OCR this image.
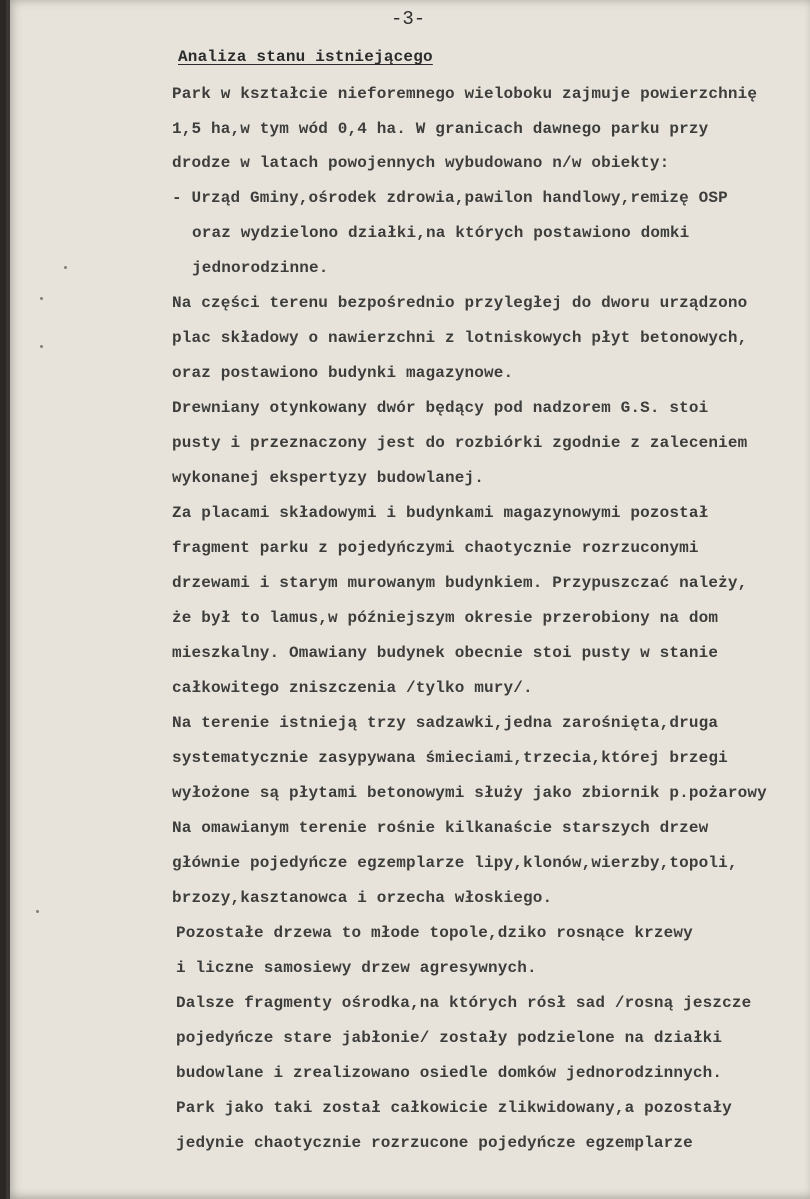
-3-
Analiza stanu istniejącego
Park w kształcie nieforemnego wieloboku zajmuje powierzchnię
1,5 ha,w tym wód 0,4 ha. W granicach dawnego parku przy
drodze w latach powojennych wybudowano n/w obiekty:
- Urząd Gminy,ośrodek zdrowia,pawilon handlowy,remizę OSP
oraz wydzielono działki,na których postawiono domki
jednorodzinne.
Na części terenu bezpośrednio przyległej do dworu urządzono
plac składowy o nawierzchni z lotniskowych płyt betonowych,
oraz postawiono budynki magazynowe.
Drewniany otynkowany dwór będący pod nadzorem G.S. stoi
pusty i przeznaczony jest do rozbiórki zgodnie z zaleceniem
wykonanej ekspertyzy budowlanej.
Za placami składowymi i budynkami magazynowymi pozostał
fragment parku z pojedyńczymi chaotycznie rozrzuconymi
drzewami i starym murowanym budynkiem. Przypuszczać należy,
że był to lamus,w późniejszym okresie przerobiony na dom
mieszkalny. Omawiany budynek obecnie stoi pusty w stanie
całkowitego zniszczenia /tylko mury/.
Na terenie istnieją trzy sadzawki,jedna zarośnięta,druga
systematycznie zasypywana śmieciami,trzecia,której brzegi
wyłożone są płytami betonowymi służy jako zbiornik p.pożarowy
Na omawianym terenie rośnie kilkanaście starszych drzew
głównie pojedyńcze egzemplarze lipy,klonów,wierzby,topoli,
brzozy,kasztanowca i orzecha włoskiego.
Pozostałe drzewa to młode topole,dziko rosnące krzewy
i liczne samosiewy drzew agresywnych.
Dalsze fragmenty ośrodka,na których rósł sad /rosną jeszcze
pojedyńcze stare jabłonie/ zostały podzielone na działki
budowlane i zrealizowano osiedle domków jednorodzinnych.
Park jako taki został całkowicie zlikwidowany,a pozostały
jedynie chaotycznie rozrzucone pojedyńcze egzemplarze
